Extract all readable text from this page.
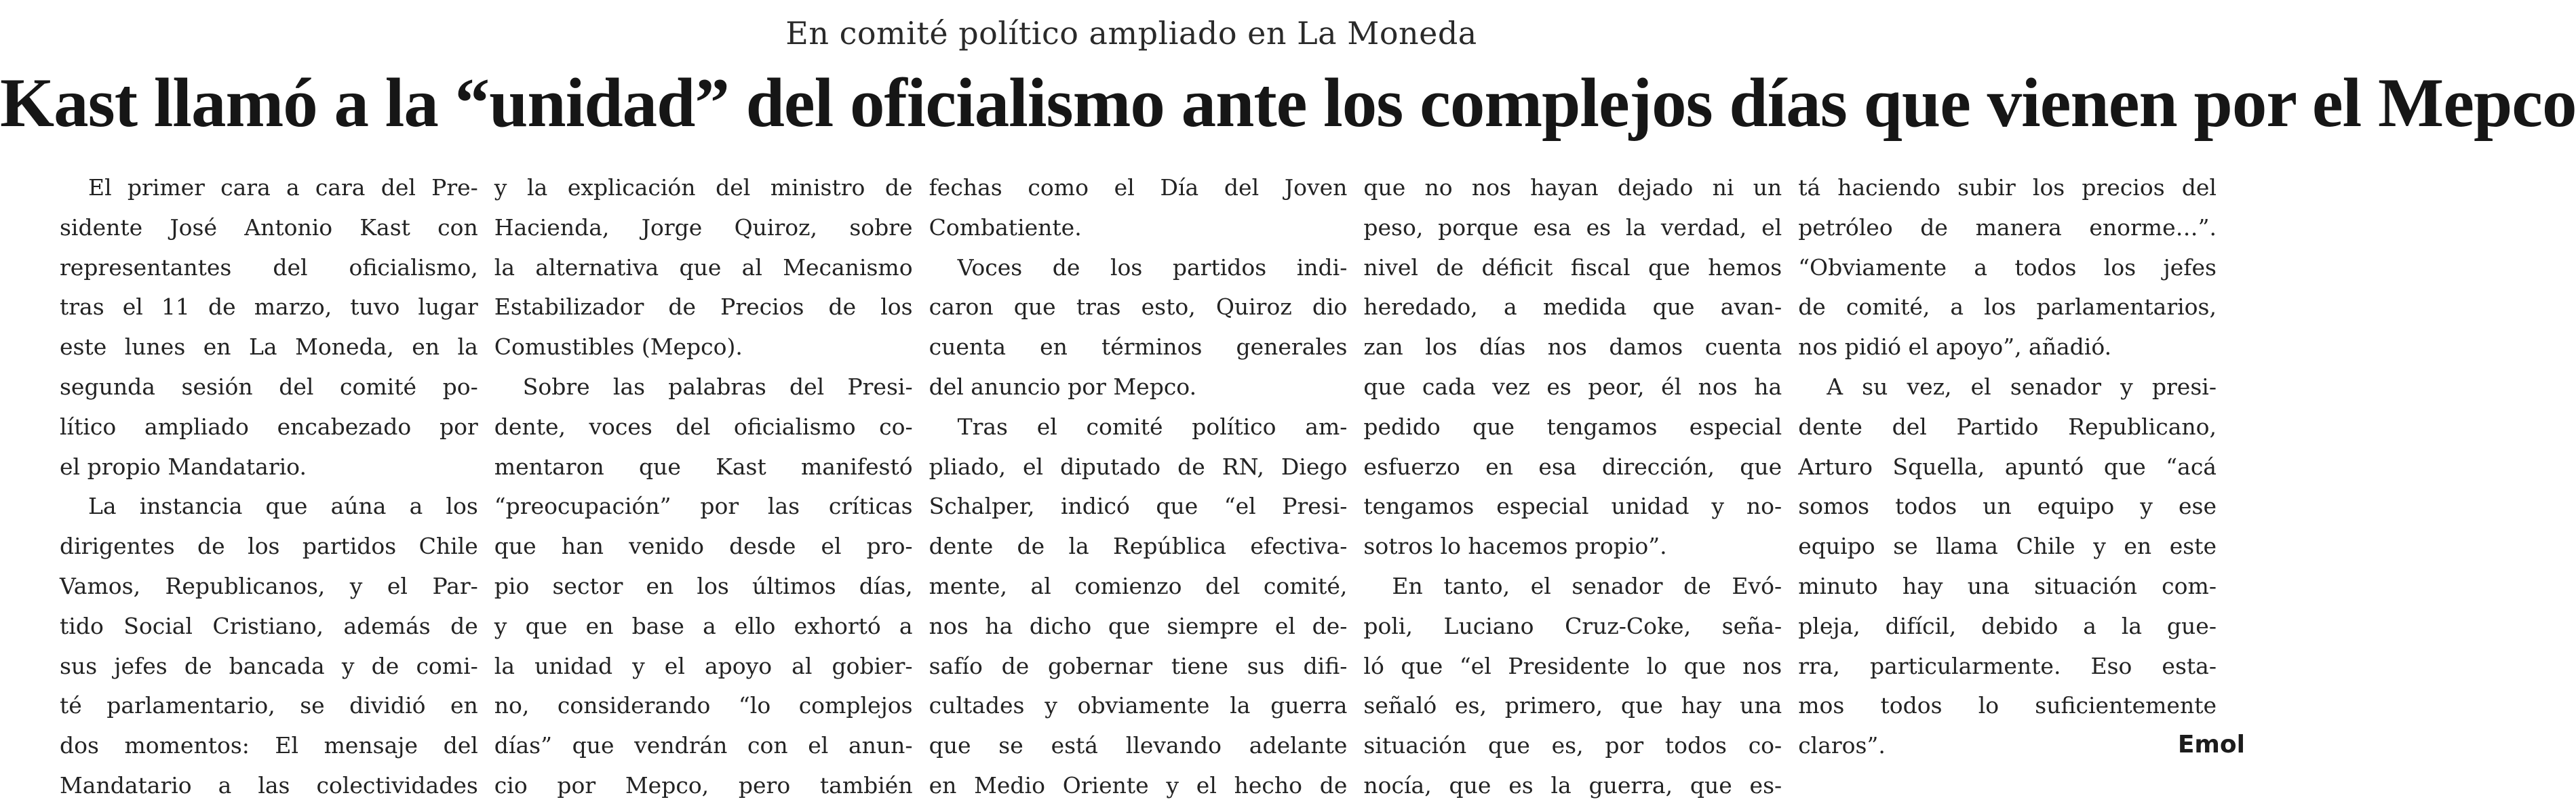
En comité político ampliado en La Moneda
Kast llamó a la “unidad” del oficialismo ante los complejos días que vienen por el Mepco
El primer cara a cara del Pre-
sidente José Antonio Kast con
representantes del oficialismo,
tras el 11 de marzo, tuvo lugar
este lunes en La Moneda, en la
segunda sesión del comité po-
lítico ampliado encabezado por
el propio Mandatario.
La instancia que aúna a los
dirigentes de los partidos Chile
Vamos, Republicanos, y el Par-
tido Social Cristiano, además de
sus jefes de bancada y de comi-
té parlamentario, se dividió en
dos momentos: El mensaje del
Mandatario a las colectividades
y la explicación del ministro de
Hacienda, Jorge Quiroz, sobre
la alternativa que al Mecanismo
Estabilizador de Precios de los
Comustibles (Mepco).
Sobre las palabras del Presi-
dente, voces del oficialismo co-
mentaron que Kast manifestó
“preocupación” por las críticas
que han venido desde el pro-
pio sector en los últimos días,
y que en base a ello exhortó a
la unidad y el apoyo al gobier-
no, considerando “lo complejos
días” que vendrán con el anun-
cio por Mepco, pero también
fechas como el Día del Joven
Combatiente.
Voces de los partidos indi-
caron que tras esto, Quiroz dio
cuenta en términos generales
del anuncio por Mepco.
Tras el comité político am-
pliado, el diputado de RN, Diego
Schalper, indicó que “el Presi-
dente de la República efectiva-
mente, al comienzo del comité,
nos ha dicho que siempre el de-
safío de gobernar tiene sus difi-
cultades y obviamente la guerra
que se está llevando adelante
en Medio Oriente y el hecho de
que no nos hayan dejado ni un
peso, porque esa es la verdad, el
nivel de déficit fiscal que hemos
heredado, a medida que avan-
zan los días nos damos cuenta
que cada vez es peor, él nos ha
pedido que tengamos especial
esfuerzo en esa dirección, que
tengamos especial unidad y no-
sotros lo hacemos propio”.
En tanto, el senador de Evó-
poli, Luciano Cruz-Coke, seña-
ló que “el Presidente lo que nos
señaló es, primero, que hay una
situación que es, por todos co-
nocía, que es la guerra, que es-
tá haciendo subir los precios del
petróleo de manera enorme…”.
“Obviamente a todos los jefes
de comité, a los parlamentarios,
nos pidió el apoyo”, añadió.
A su vez, el senador y presi-
dente del Partido Republicano,
Arturo Squella, apuntó que “acá
somos todos un equipo y ese
equipo se llama Chile y en este
minuto hay una situación com-
pleja, difícil, debido a la gue-
rra, particularmente. Eso esta-
mos todos lo suficientemente
claros”.	Emol
